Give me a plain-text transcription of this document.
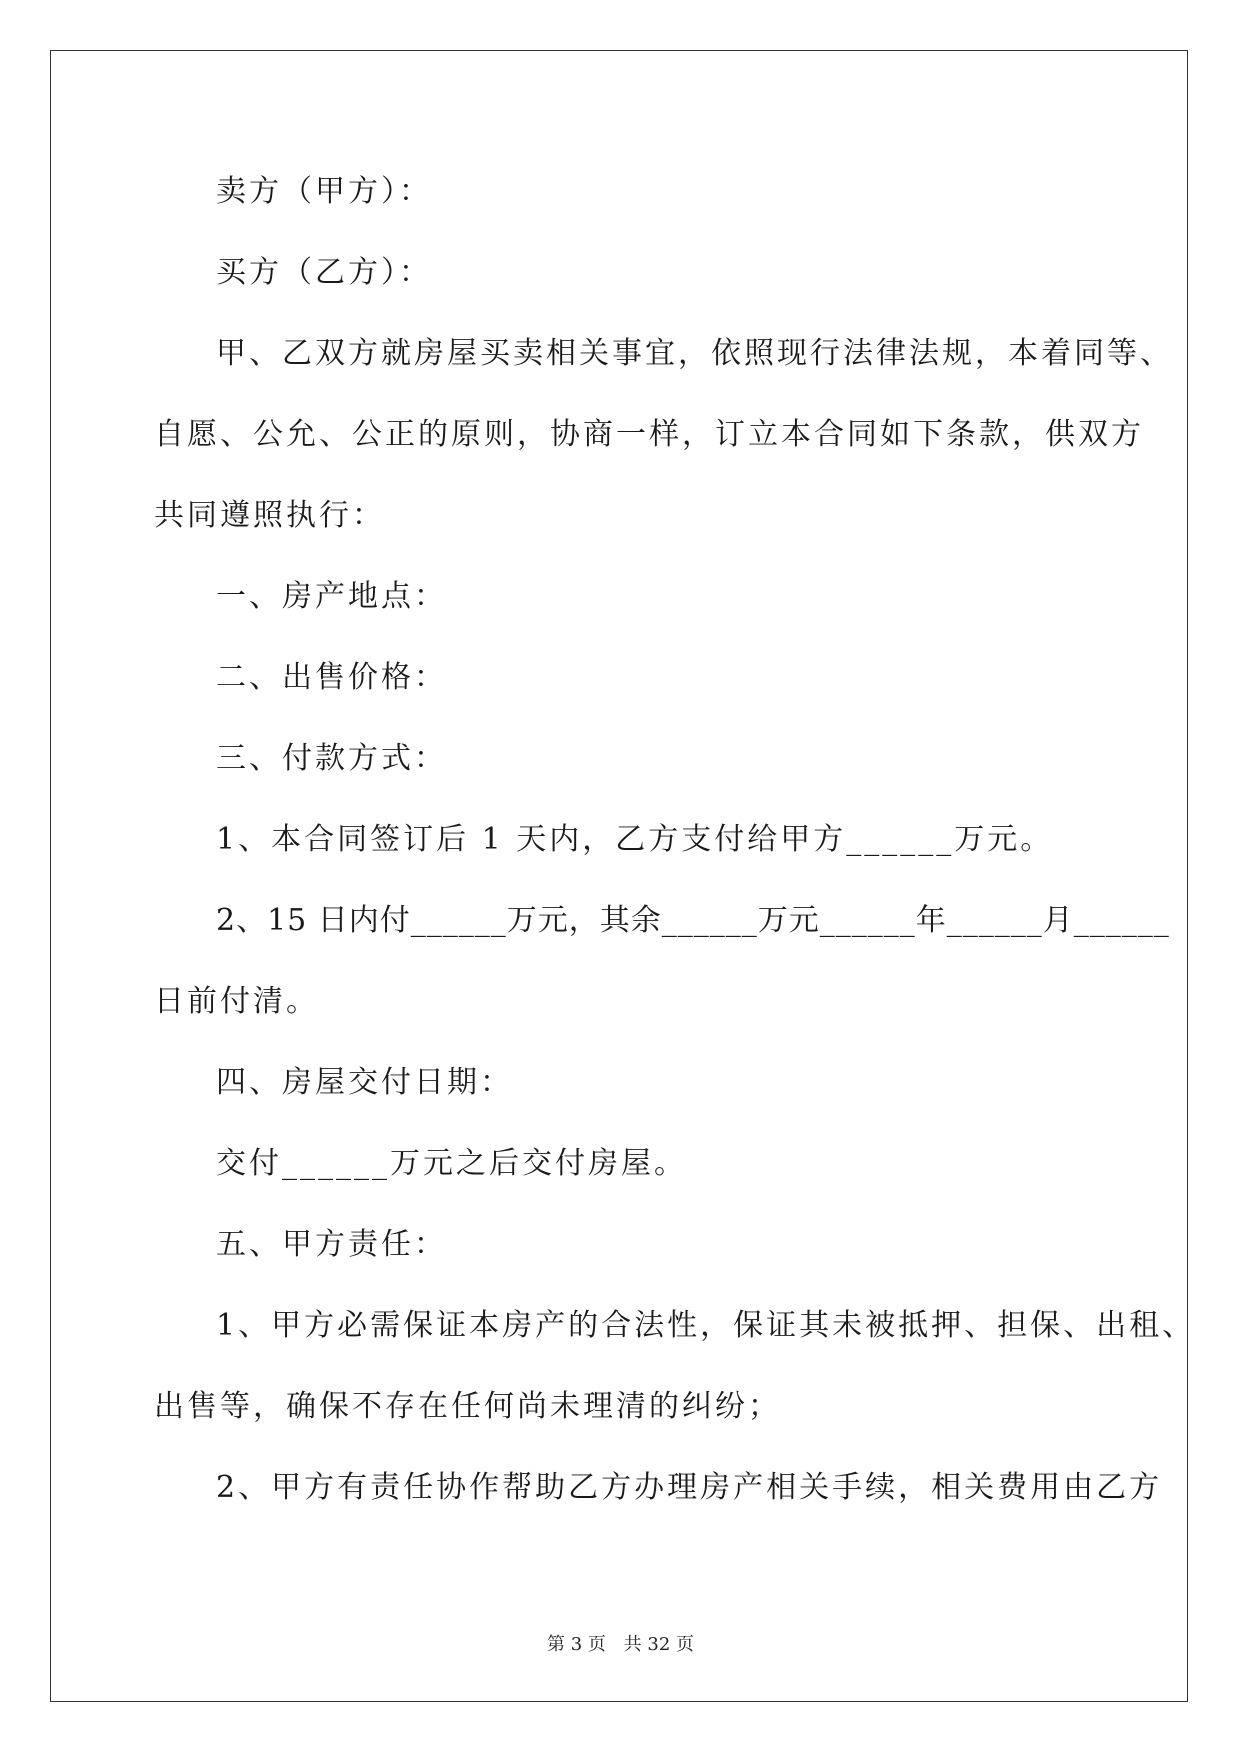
卖方（甲方）：
买方（乙方）：
甲、乙双方就房屋买卖相关事宜，依照现行法律法规，本着同等、
自愿、公允、公正的原则，协商一样，订立本合同如下条款，供双方
共同遵照执行：
一、房产地点：
二、出售价格：
三、付款方式：
1、本合同签订后 1 天内，乙方支付给甲方______万元。
2、15 日内付______万元，其余______万元______年______月______
日前付清。
四、房屋交付日期：
交付______万元之后交付房屋。
五、甲方责任：
1、甲方必需保证本房产的合法性，保证其未被抵押、担保、出租、
出售等，确保不存在任何尚未理清的纠纷；
2、甲方有责任协作帮助乙方办理房产相关手续，相关费用由乙方
第 3 页 共 32 页
